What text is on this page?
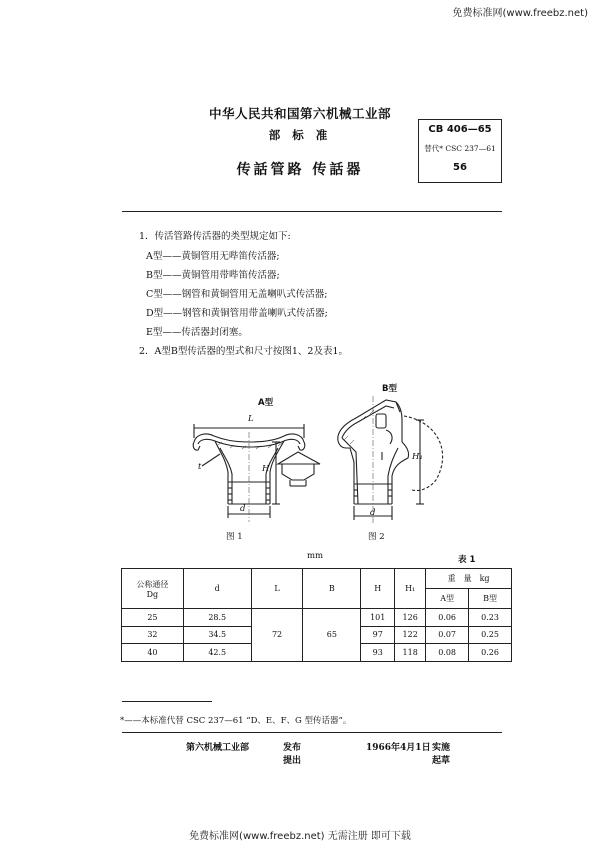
免费标准网(www.freebz.net)
中华人民共和国第六机械工业部
部 标 准
传話管路 传話器
CB 406—65
替代* CSC 237—61
56
1．传活管路传活器的类型规定如下:
A型——黄铜管用无哔笛传活器;
B型——黄铜管用带哔笛传活器;
C型——钢管和黄铜管用无盖喇叭式传活器;
D型——钢管和黄铜管用带盖喇叭式传活器;
E型——传活器封闭塞。
2．A型B型传活器的型式和尺寸按图1、2及表1。
A型
L
H
d
t
图 1
B型
H₁
d
图 2
mm	表 1
公称通径
Dg	d	L	B	H	H₁	重　量　kg	
						A型	B型
25	28.5	72	65	101	126	0.06	0.23
32	34.5			97	122	0.07	0.25
40	42.5			93	118	0.08	0.26
*——本标准代替 CSC 237—61 “D、E、F、G 型传话器”。
第六机械工业部	发布
提出
1966年4月1日 实施
起草
免费标准网(www.freebz.net) 无需注册 即可下载
